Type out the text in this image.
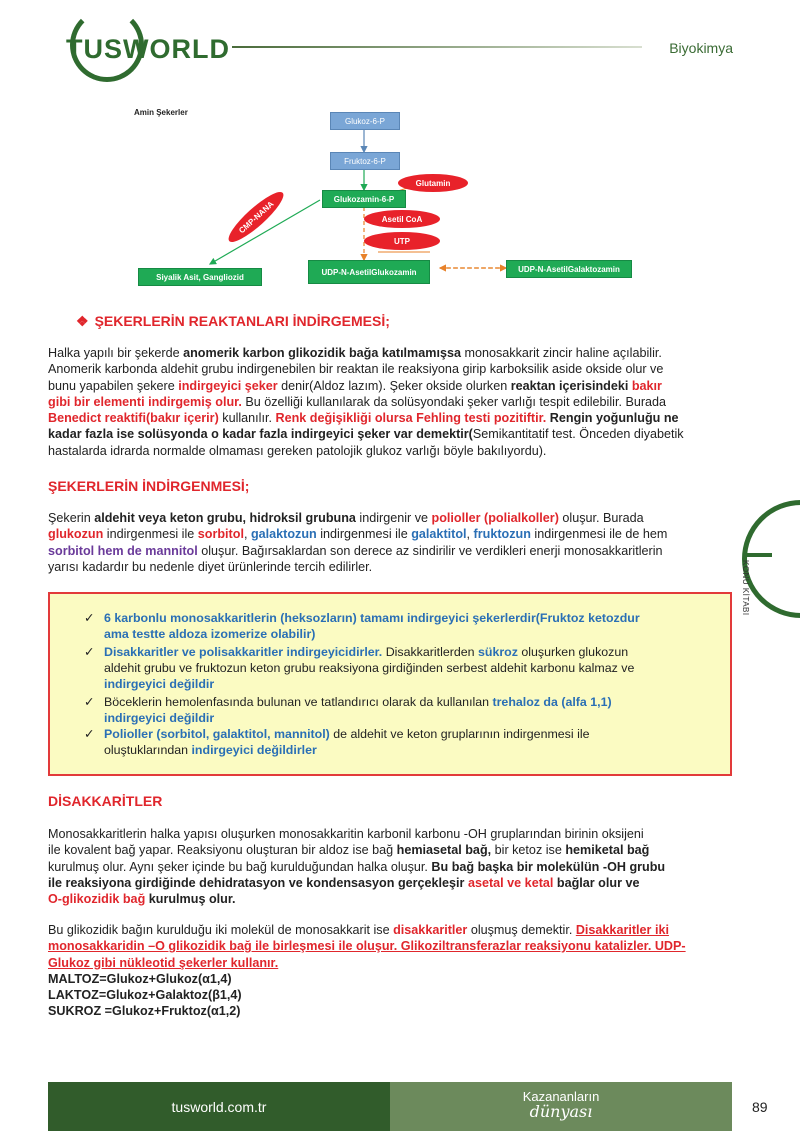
TUSWORLD	Biyokimya
Amin Şekerler
Glukoz-6-P
Fruktoz-6-P
Glukozamin-6-P
Glutamin
Asetil CoA
UTP
CMP-NANA
UDP-N-AsetilGlukozamin	UDP-N-AsetilGalaktozamin
Siyalik Asit, Gangliozid
❖ ŞEKERLERİN REAKTANLARI İNDİRGEMESİ;
Halka yapılı bir şekerde anomerik karbon glikozidik bağa katılmamışsa monosakkarit zincir haline açılabilir.
Anomerik karbonda aldehit grubu indirgenebilen bir reaktan ile reaksiyona girip karboksilik aside okside olur ve
bunu yapabilen şekere indirgeyici şeker denir(Aldoz lazım). Şeker okside olurken reaktan içerisindeki bakır
gibi bir elementi indirgemiş olur. Bu özelliği kullanılarak da solüsyondaki şeker varlığı tespit edilebilir. Burada
Benedict reaktifi(bakır içerir) kullanılır. Renk değişikliği olursa Fehling testi pozitiftir. Rengin yoğunluğu ne
kadar fazla ise solüsyonda o kadar fazla indirgeyici şeker var demektir(Semikantitatif test. Önceden diyabetik
hastalarda idrarda normalde olmaması gereken patolojik glukoz varlığı böyle bakılıyordu).
ŞEKERLERİN İNDİRGENMESİ;
Şekerin aldehit veya keton grubu, hidroksil grubuna indirgenir ve polioller (polialkoller) oluşur. Burada
glukozun indirgenmesi ile sorbitol, galaktozun indirgenmesi ile galaktitol, fruktozun indirgenmesi ile de hem
sorbitol hem de mannitol oluşur. Bağırsaklardan son derece az sindirilir ve verdikleri enerji monosakkaritlerin
yarısı kadardır bu nedenle diyet ürünlerinde tercih edilirler.
✓ 6 karbonlu monosakkaritlerin (heksozların) tamamı indirgeyici şekerlerdir(Fruktoz ketozdur
ama testte aldoza izomerize olabilir)
✓ Disakkaritler ve polisakkaritler indirgeyicidirler. Disakkaritlerden sükroz oluşurken glukozun
aldehit grubu ve fruktozun keton grubu reaksiyona girdiğinden serbest aldehit karbonu kalmaz ve
indirgeyici değildir
✓ Böceklerin hemolenfasında bulunan ve tatlandırıcı olarak da kullanılan trehaloz da (alfa 1,1)
indirgeyici değildir
✓ Polioller (sorbitol, galaktitol, mannitol) de aldehit ve keton gruplarının indirgenmesi ile
oluştuklarından indirgeyici değildirler
DİSAKKARİTLER
Monosakkaritlerin halka yapısı oluşurken monosakkaritin karbonil karbonu -OH gruplarından birinin oksijeni
ile kovalent bağ yapar. Reaksiyonu oluşturan bir aldoz ise bağ hemiasetal bağ, bir ketoz ise hemiketal bağ
kurulmuş olur. Aynı şeker içinde bu bağ kurulduğundan halka oluşur. Bu bağ başka bir molekülün -OH grubu
ile reaksiyona girdiğinde dehidratasyon ve kondensasyon gerçekleşir asetal ve ketal bağlar olur ve
O-glikozidik bağ kurulmuş olur.
Bu glikozidik bağın kurulduğu iki molekül de monosakkarit ise disakkaritler oluşmuş demektir. Disakkaritler iki
monosakkaridin –O glikozidik bağ ile birleşmesi ile oluşur. Glikoziltransferazlar reaksiyonu katalizler. UDP-
Glukoz gibi nükleotid şekerler kullanır.
MALTOZ=Glukoz+Glukoz(α1,4)
LAKTOZ=Glukoz+Galaktoz(β1,4)
SUKROZ =Glukoz+Fruktoz(α1,2)
KONU KİTABI
tusworld.com.tr
Kazananların
dünyası	89
